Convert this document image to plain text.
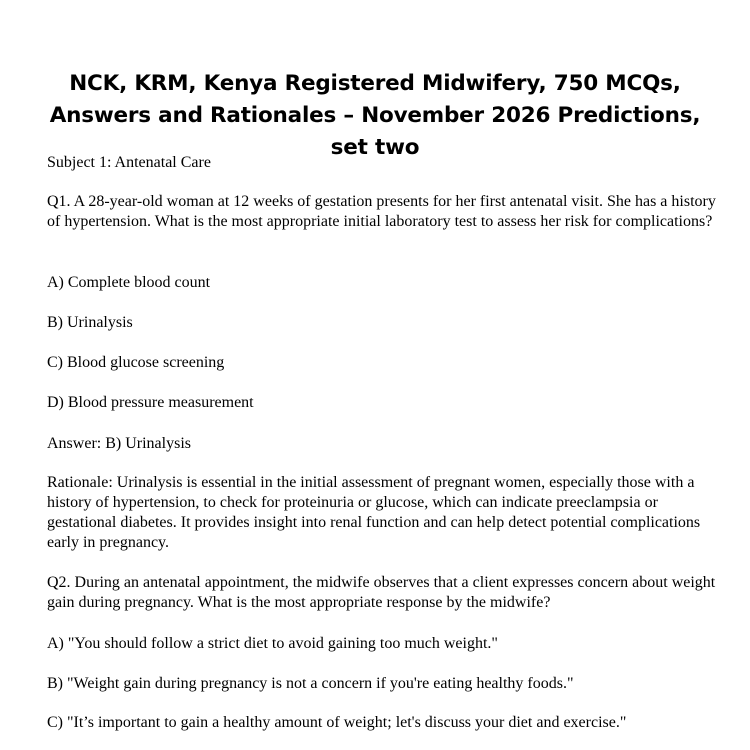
NCK, KRM, Kenya Registered Midwifery, 750 MCQs, Answers and Rationales – November 2026 Predictions, set two

Subject 1: Antenatal Care

Q1. A 28-year-old woman at 12 weeks of gestation presents for her first antenatal visit. She has a history of hypertension. What is the most appropriate initial laboratory test to assess her risk for complications?

A) Complete blood count

B) Urinalysis

C) Blood glucose screening

D) Blood pressure measurement

Answer: B) Urinalysis

Rationale: Urinalysis is essential in the initial assessment of pregnant women, especially those with a history of hypertension, to check for proteinuria or glucose, which can indicate preeclampsia or gestational diabetes. It provides insight into renal function and can help detect potential complications early in pregnancy.

Q2. During an antenatal appointment, the midwife observes that a client expresses concern about weight gain during pregnancy. What is the most appropriate response by the midwife?

A) "You should follow a strict diet to avoid gaining too much weight."

B) "Weight gain during pregnancy is not a concern if you're eating healthy foods."

C) "It’s important to gain a healthy amount of weight; let's discuss your diet and exercise."
